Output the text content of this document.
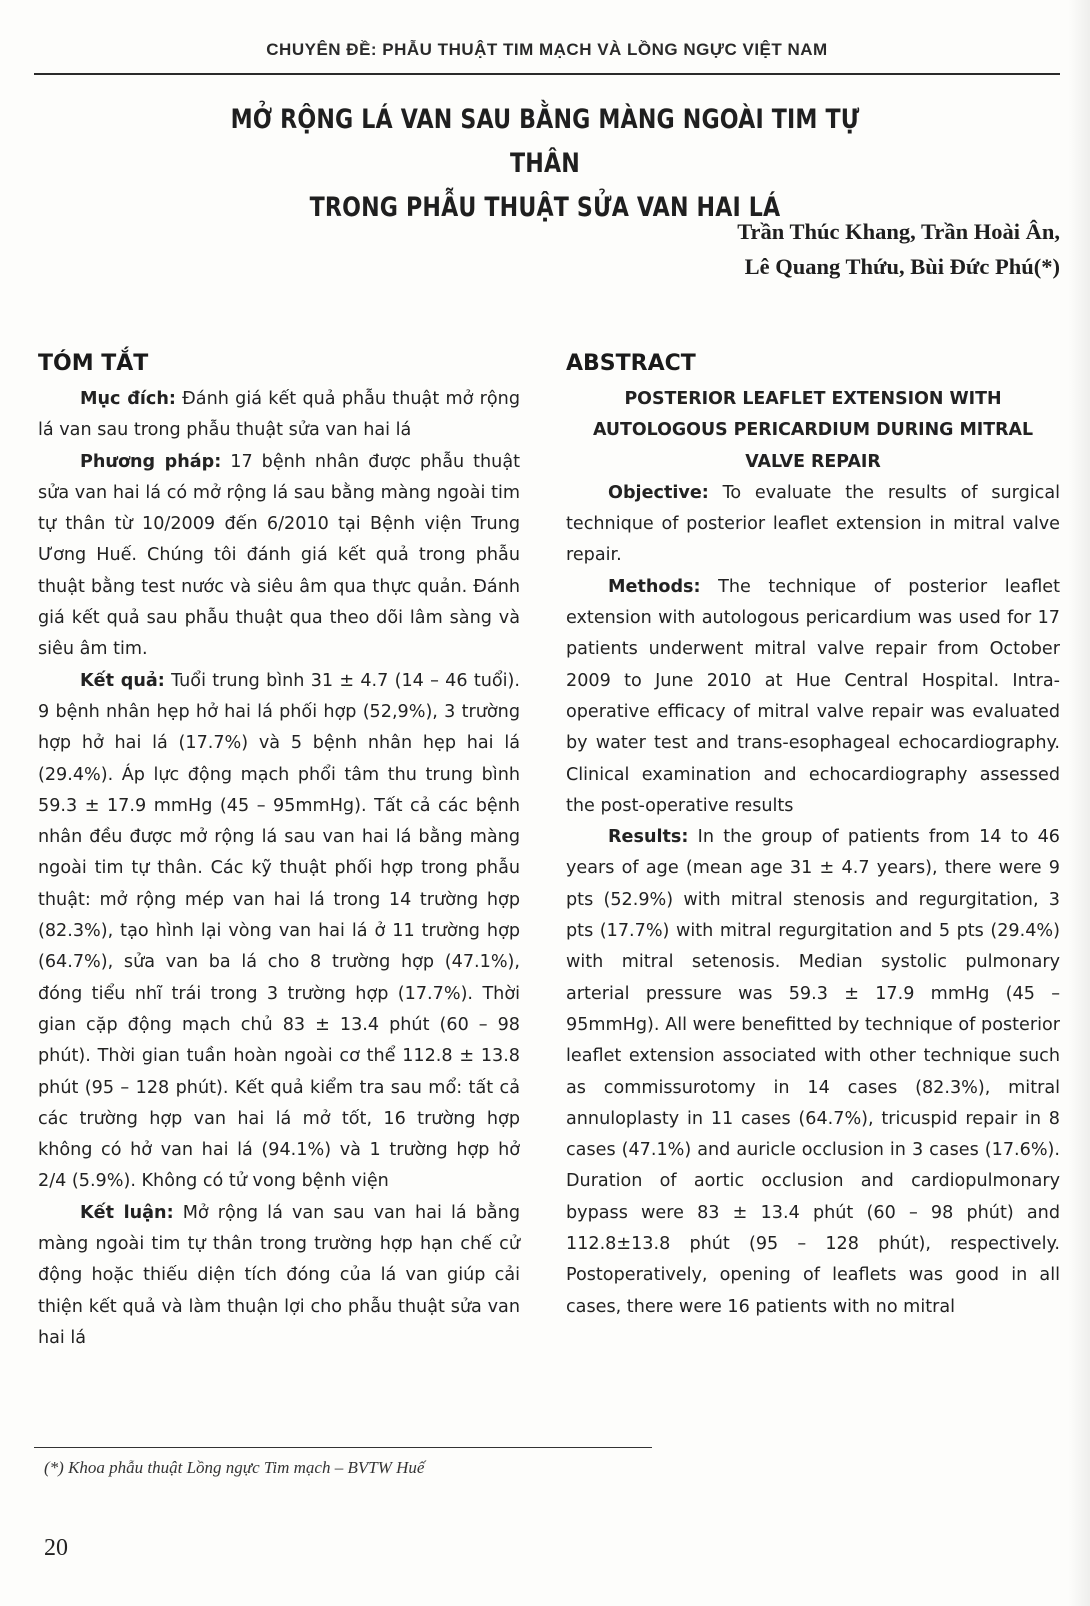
CHUYÊN ĐỀ: PHẪU THUẬT TIM MẠCH VÀ LỒNG NGỰC VIỆT NAM
MỞ RỘNG LÁ VAN SAU BẰNG MÀNG NGOÀI TIM TỰ THÂN
TRONG PHẪU THUẬT SỬA VAN HAI LÁ
Trần Thúc Khang, Trần Hoài Ân,
Lê Quang Thứu, Bùi Đức Phú(*)
TÓM TẮT

Mục đích: Đánh giá kết quả phẫu thuật mở rộng lá van sau trong phẫu thuật sửa van hai lá

Phương pháp: 17 bệnh nhân được phẫu thuật sửa van hai lá có mở rộng lá sau bằng màng ngoài tim tự thân từ 10/2009 đến 6/2010 tại Bệnh viện Trung Ương Huế. Chúng tôi đánh giá kết quả trong phẫu thuật bằng test nước và siêu âm qua thực quản. Đánh giá kết quả sau phẫu thuật qua theo dõi lâm sàng và siêu âm tim.

Kết quả: Tuổi trung bình 31 ± 4.7 (14 – 46 tuổi). 9 bệnh nhân hẹp hở hai lá phối hợp (52,9%), 3 trường hợp hở hai lá (17.7%) và 5 bệnh nhân hẹp hai lá (29.4%). Áp lực động mạch phổi tâm thu trung bình 59.3 ± 17.9 mmHg (45 – 95mmHg). Tất cả các bệnh nhân đều được mở rộng lá sau van hai lá bằng màng ngoài tim tự thân. Các kỹ thuật phối hợp trong phẫu thuật: mở rộng mép van hai lá trong 14 trường hợp (82.3%), tạo hình lại vòng van hai lá ở 11 trường hợp (64.7%), sửa van ba lá cho 8 trường hợp (47.1%), đóng tiểu nhĩ trái trong 3 trường hợp (17.7%). Thời gian cặp động mạch chủ 83 ± 13.4 phút (60 – 98 phút). Thời gian tuần hoàn ngoài cơ thể 112.8 ± 13.8 phút (95 – 128 phút). Kết quả kiểm tra sau mổ: tất cả các trường hợp van hai lá mở tốt, 16 trường hợp không có hở van hai lá (94.1%) và 1 trường hợp hở 2/4 (5.9%). Không có tử vong bệnh viện

Kết luận: Mở rộng lá van sau van hai lá bằng màng ngoài tim tự thân trong trường hợp hạn chế cử động hoặc thiếu diện tích đóng của lá van giúp cải thiện kết quả và làm thuận lợi cho phẫu thuật sửa van hai lá

ABSTRACT

POSTERIOR LEAFLET EXTENSION WITH
AUTOLOGOUS PERICARDIUM DURING MITRAL
VALVE REPAIR

Objective: To evaluate the results of surgical technique of posterior leaflet extension in mitral valve repair.

Methods: The technique of posterior leaflet extension with autologous pericardium was used for 17 patients underwent mitral valve repair from October 2009 to June 2010 at Hue Central Hospital. Intra-operative efficacy of mitral valve repair was evaluated by water test and trans-esophageal echocardiography. Clinical examination and echocardiography assessed the post-operative results

Results: In the group of patients from 14 to 46 years of age (mean age 31 ± 4.7 years), there were 9 pts (52.9%) with mitral stenosis and regurgitation, 3 pts (17.7%) with mitral regurgitation and 5 pts (29.4%) with mitral setenosis. Median systolic pulmonary arterial pressure was 59.3 ± 17.9 mmHg (45 – 95mmHg). All were benefitted by technique of posterior leaflet extension associated with other technique such as commissurotomy in 14 cases (82.3%), mitral annuloplasty in 11 cases (64.7%), tricuspid repair in 8 cases (47.1%) and auricle occlusion in 3 cases (17.6%). Duration of aortic occlusion and cardiopulmonary bypass were 83 ± 13.4 phút (60 – 98 phút) and 112.8±13.8 phút (95 – 128 phút), respectively. Postoperatively, opening of leaflets was good in all cases, there were 16 patients with no mitral

(*) Khoa phẫu thuật Lồng ngực Tim mạch – BVTW Huế
20
